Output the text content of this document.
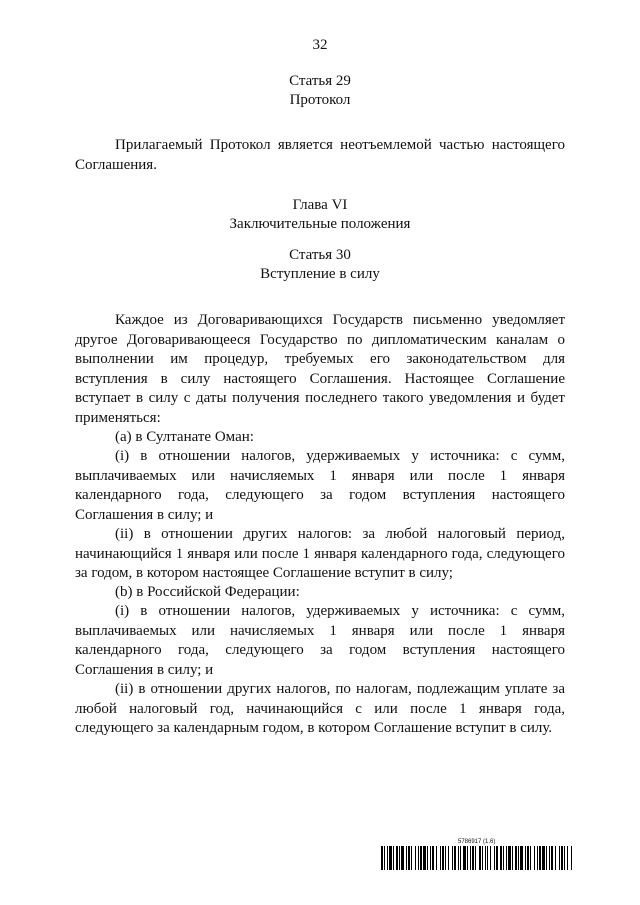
32
Статья 29
Протокол

Прилагаемый Протокол является неотъемлемой частью настоящего Соглашения.

Глава VI
Заключительные положения
Статья 30
Вступление в силу

Каждое из Договаривающихся Государств письменно уведомляет другое Договаривающееся Государство по дипломатическим каналам о выполнении им процедур, требуемых его законодательством для вступления в силу настоящего Соглашения. Настоящее Соглашение вступает в силу с даты получения последнего такого уведомления и будет применяться:

(a) в Султанате Оман:

(i) в отношении налогов, удерживаемых у источника: с сумм, выплачиваемых или начисляемых 1 января или после 1 января календарного года, следующего за годом вступления настоящего Соглашения в силу; и

(ii) в отношении других налогов: за любой налоговый период, начинающийся 1 января или после 1 января календарного года, следующего за годом, в котором настоящее Соглашение вступит в силу;

(b) в Российской Федерации:

(i) в отношении налогов, удерживаемых у источника: с сумм, выплачиваемых или начисляемых 1 января или после 1 января календарного года, следующего за годом вступления настоящего Соглашения в силу; и

(ii) в отношении других налогов, по налогам, подлежащим уплате за любой налоговый год, начинающийся с или после 1 января года, следующего за календарным годом, в котором Соглашение вступит в силу.

5786917 (1.6)
